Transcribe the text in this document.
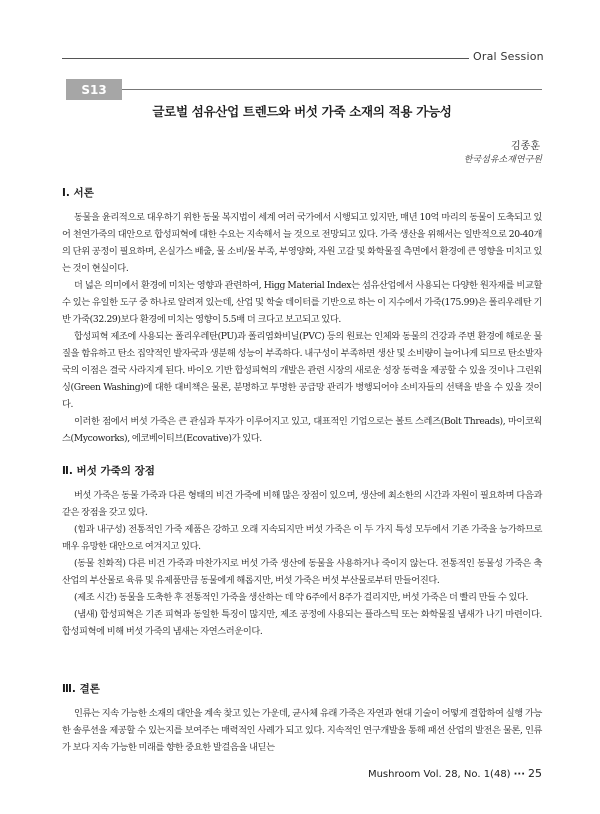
Oral Session
S13
글로벌 섬유산업 트렌드와 버섯 가죽 소재의 적용 가능성
김종훈
한국섬유소재연구원
Ⅰ. 서론

동물을 윤리적으로 대우하기 위한 동물 복지법이 세계 여러 국가에서 시행되고 있지만, 매년 10억 마리의 동물이 도축되고 있어 천연가죽의 대안으로 합성피혁에 대한 수요는 지속해서 늘 것으로 전망되고 있다. 가죽 생산을 위해서는 일반적으로 20-40개의 단위 공정이 필요하며, 온실가스 배출, 물 소비/물 부족, 부영양화, 자원 고갈 및 화학물질 측면에서 환경에 큰 영향을 미치고 있는 것이 현실이다.

더 넓은 의미에서 환경에 미치는 영향과 관련하여, Higg Material Index는 섬유산업에서 사용되는 다양한 원자재를 비교할 수 있는 유일한 도구 중 하나로 알려져 있는데, 산업 및 학술 데이터를 기반으로 하는 이 지수에서 가죽(175.99)은 폴리우레탄 기반 가죽(32.29)보다 환경에 미치는 영향이 5.5배 더 크다고 보고되고 있다.

합성피혁 제조에 사용되는 폴리우레탄(PU)과 폴리염화비닐(PVC) 등의 원료는 인체와 동물의 건강과 주변 환경에 해로운 물질을 함유하고 탄소 집약적인 발자국과 생분해 성능이 부족하다. 내구성이 부족하면 생산 및 소비량이 늘어나게 되므로 탄소발자국의 이점은 결국 사라지게 된다. 바이오 기반 합성피혁의 개발은 관련 시장의 새로운 성장 동력을 제공할 수 있을 것이나 그린워싱(Green Washing)에 대한 대비책은 물론, 분명하고 투명한 공급망 관리가 병행되어야 소비자들의 선택을 받을 수 있을 것이다.

이러한 점에서 버섯 가죽은 큰 관심과 투자가 이루어지고 있고, 대표적인 기업으로는 볼트 스레즈(Bolt Threads), 마이코웍스(Mycoworks), 에코베이티브(Ecovative)가 있다.

Ⅱ. 버섯 가죽의 장점

버섯 가죽은 동물 가죽과 다른 형태의 비건 가죽에 비해 많은 장점이 있으며, 생산에 최소한의 시간과 자원이 필요하며 다음과 같은 장점을 갖고 있다.

(힘과 내구성) 전통적인 가죽 제품은 강하고 오래 지속되지만 버섯 가죽은 이 두 가지 특성 모두에서 기존 가죽을 능가하므로 매우 유망한 대안으로 여겨지고 있다.

(동물 친화적) 다른 비건 가죽과 마찬가지로 버섯 가죽 생산에 동물을 사용하거나 죽이지 않는다. 전통적인 동물성 가죽은 축산업의 부산물로 육류 및 유제품만큼 동물에게 해롭지만, 버섯 가죽은 버섯 부산물로부터 만들어진다.

(제조 시간) 동물을 도축한 후 전통적인 가죽을 생산하는 데 약 6주에서 8주가 걸리지만, 버섯 가죽은 더 빨리 만들 수 있다.

(냄새) 합성피혁은 기존 피혁과 동일한 특징이 많지만, 제조 공정에 사용되는 플라스틱 또는 화학물질 냄새가 나기 마련이다. 합성피혁에 비해 버섯 가죽의 냄새는 자연스러운이다.

Ⅲ. 결론

인류는 지속 가능한 소재의 대안을 계속 찾고 있는 가운데, 균사체 유래 가죽은 자연과 현대 기술이 어떻게 결합하여 실행 가능한 솔루션을 제공할 수 있는지를 보여주는 매력적인 사례가 되고 있다. 지속적인 연구개발을 통해 패션 산업의 발전은 물론, 인류가 보다 지속 가능한 미래를 향한 중요한 발걸음을 내딛는

Mushroom Vol. 28, No. 1(48) ··· 25
